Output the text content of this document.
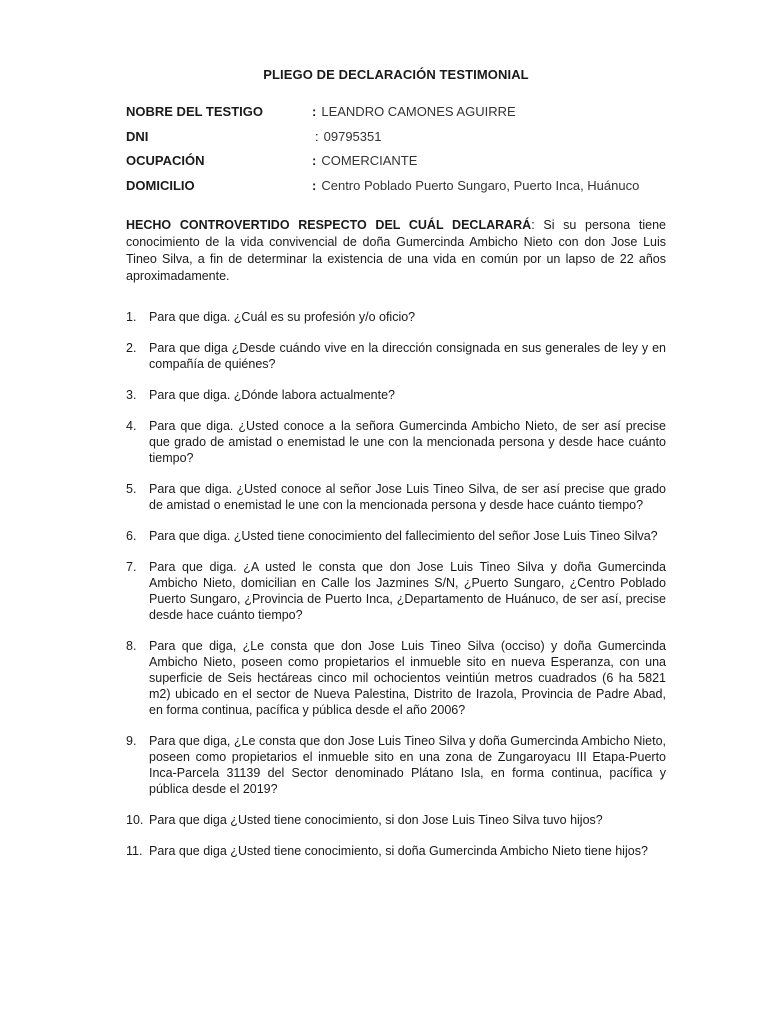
PLIEGO DE DECLARACIÓN TESTIMONIAL
NOBRE DEL TESTIGO	: LEANDRO CAMONES AGUIRRE
DNI	: 09795351
OCUPACIÓN	: COMERCIANTE
DOMICILIO	: Centro Poblado Puerto Sungaro, Puerto Inca, Huánuco

HECHO CONTROVERTIDO RESPECTO DEL CUÁL DECLARARÁ: Si su persona tiene conocimiento de la vida convivencial de doña Gumercinda Ambicho Nieto con don Jose Luis Tineo Silva, a fin de determinar la existencia de una vida en común por un lapso de 22 años aproximadamente.

1.	Para que diga. ¿Cuál es su profesión y/o oficio?
2.	Para que diga ¿Desde cuándo vive en la dirección consignada en sus generales de ley y en compañía de quiénes?
3.	Para que diga. ¿Dónde labora actualmente?
4.	Para que diga. ¿Usted conoce a la señora Gumercinda Ambicho Nieto, de ser así precise que grado de amistad o enemistad le une con la mencionada persona y desde hace cuánto tiempo?
5.	Para que diga. ¿Usted conoce al señor Jose Luis Tineo Silva, de ser así precise que grado de amistad o enemistad le une con la mencionada persona y desde hace cuánto tiempo?
6.	Para que diga. ¿Usted tiene conocimiento del fallecimiento del señor Jose Luis Tineo Silva?
7.	Para que diga. ¿A usted le consta que don Jose Luis Tineo Silva y doña Gumercinda Ambicho Nieto, domicilian en Calle los Jazmines S/N, ¿Puerto Sungaro, ¿Centro Poblado Puerto Sungaro, ¿Provincia de Puerto Inca, ¿Departamento de Huánuco, de ser así, precise desde hace cuánto tiempo?
8.	Para que diga, ¿Le consta que don Jose Luis Tineo Silva (occiso) y doña Gumercinda Ambicho Nieto, poseen como propietarios el inmueble sito en nueva Esperanza, con una superficie de Seis hectáreas cinco mil ochocientos veintiún metros cuadrados (6 ha 5821 m2) ubicado en el sector de Nueva Palestina, Distrito de Irazola, Provincia de Padre Abad, en forma continua, pacífica y pública desde el año 2006?
9.	Para que diga, ¿Le consta que don Jose Luis Tineo Silva y doña Gumercinda Ambicho Nieto, poseen como propietarios el inmueble sito en una zona de Zungaroyacu III Etapa-Puerto Inca-Parcela 31139 del Sector denominado Plátano Isla, en forma continua, pacífica y pública desde el 2019?
10. Para que diga ¿Usted tiene conocimiento, si don Jose Luis Tineo Silva tuvo hijos?
11. Para que diga ¿Usted tiene conocimiento, si doña Gumercinda Ambicho Nieto tiene hijos?
